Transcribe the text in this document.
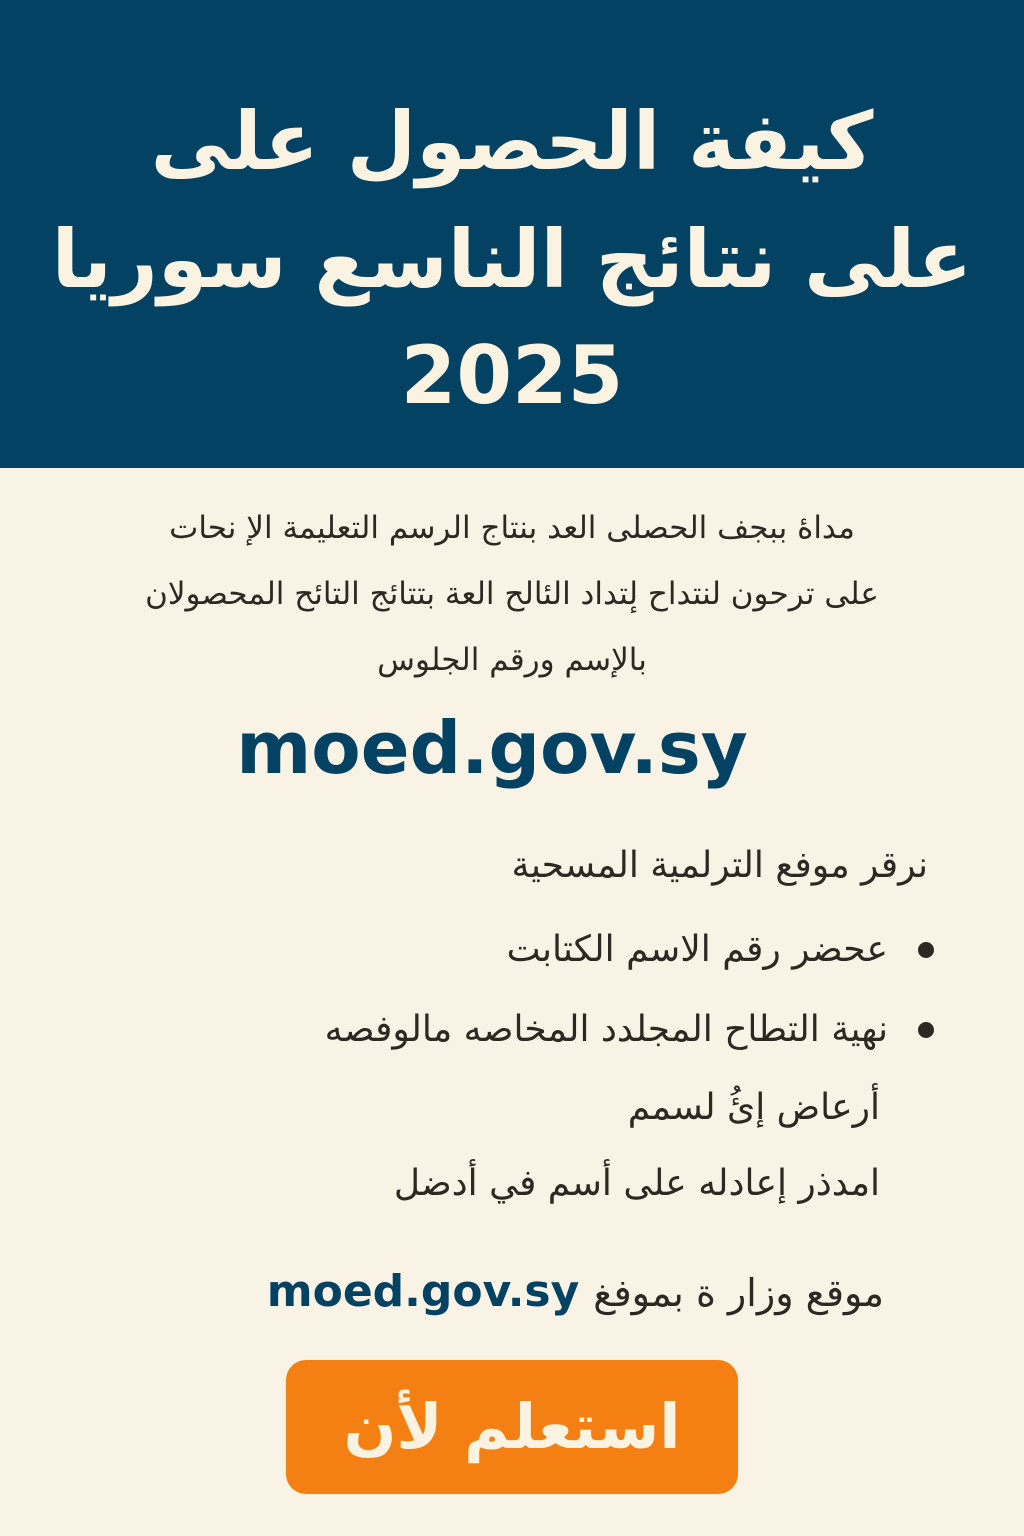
كيفة الحصول على
على نتائج الناسع سوريا
2025
مداهٔ ببجف الحصلى العد بنتاج الرسم التعليمة الإ نحات
على ترحون لنتداح لٕتداد الئالح العة بتتائج التائح المحصولان
بالإسم ورقم الجلوس
moed.gov.sy
نرقر موفع الترلمية المسحية
عحضر رقم الاسم الكتابت
نهية التطاح المجلدد المخاصه مالوفصه
أرعاض إئُ لسمم
امدذر إعادله على أسم في أدضل
moed.gov.sy موقع وزار ة بموفغ
استعلم لأن
